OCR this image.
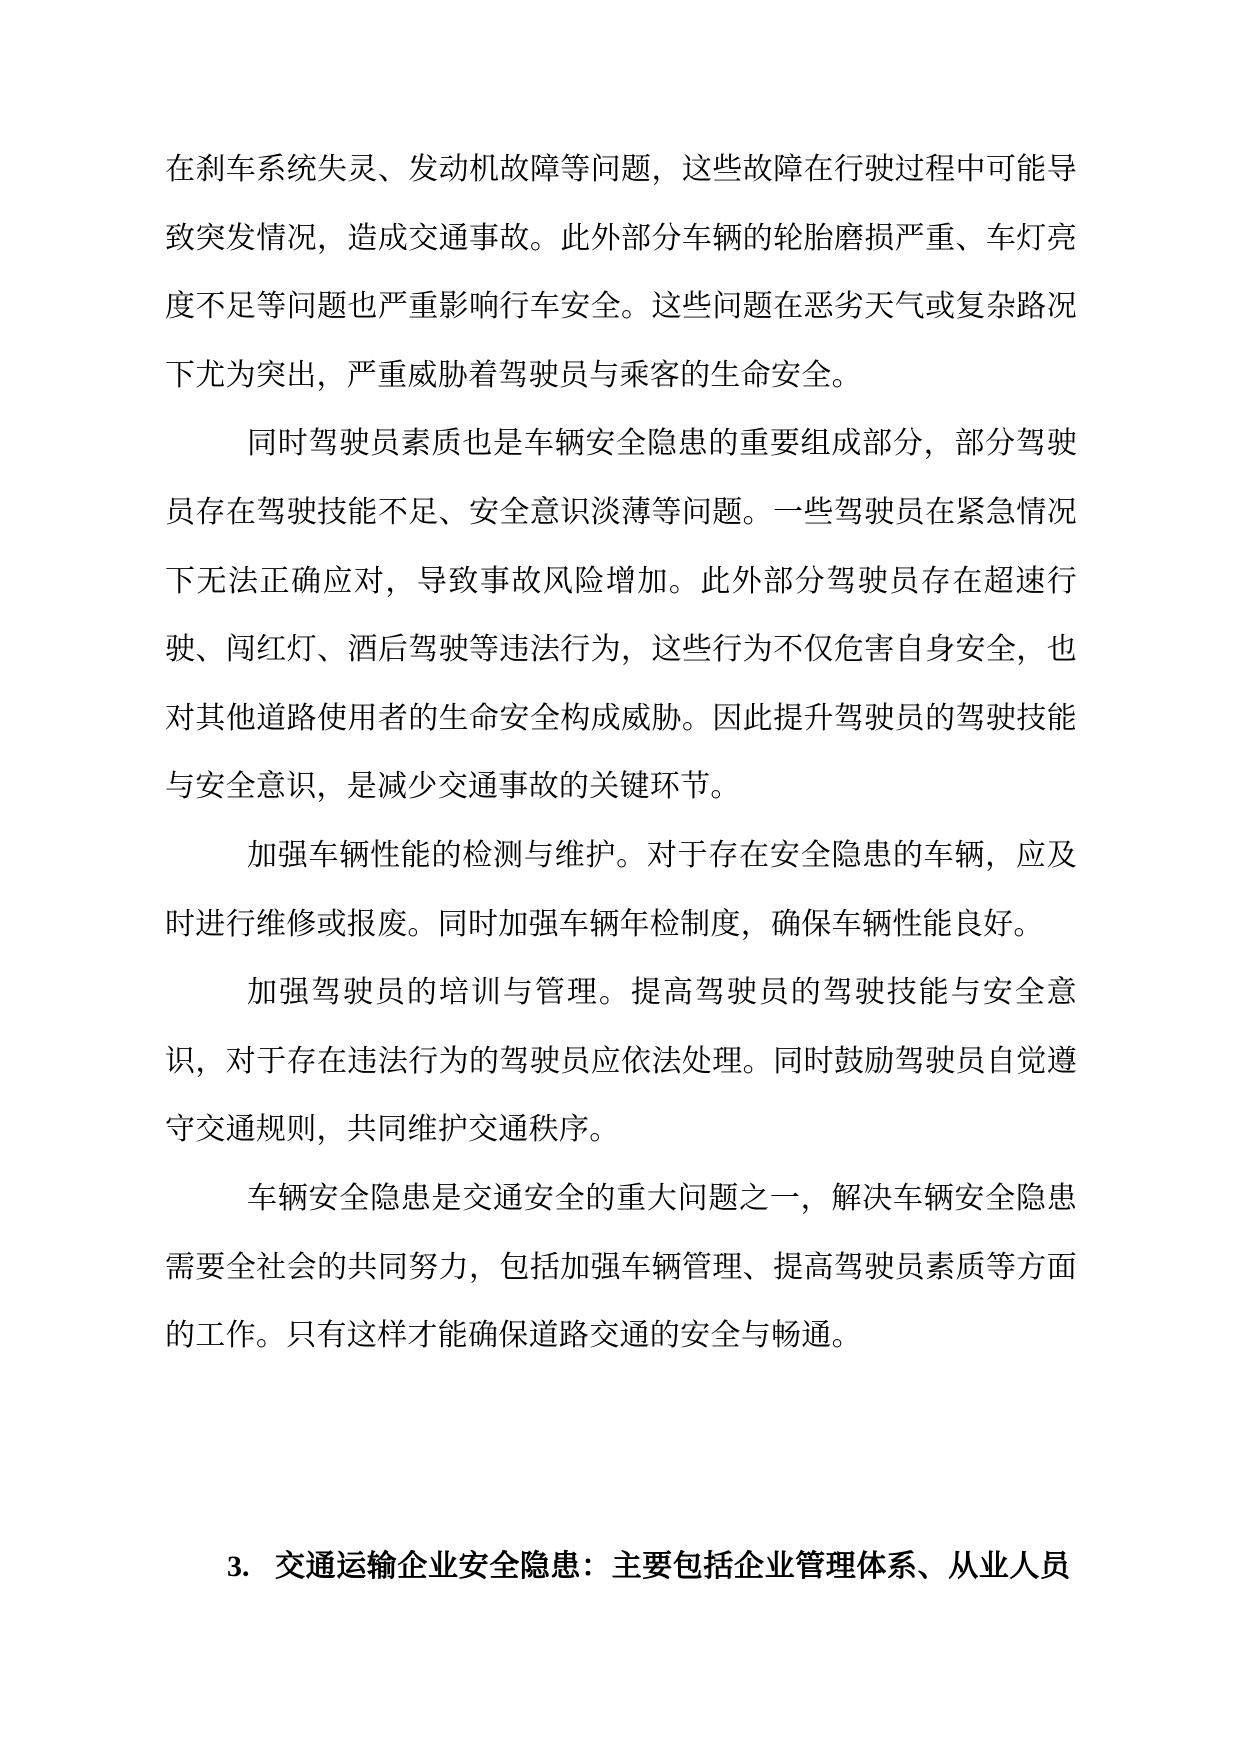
在刹车系统失灵、发动机故障等问题，这些故障在行驶过程中可能导致突发情况，造成交通事故。此外部分车辆的轮胎磨损严重、车灯亮度不足等问题也严重影响行车安全。这些问题在恶劣天气或复杂路况下尤为突出，严重威胁着驾驶员与乘客的生命安全。

同时驾驶员素质也是车辆安全隐患的重要组成部分，部分驾驶员存在驾驶技能不足、安全意识淡薄等问题。一些驾驶员在紧急情况下无法正确应对，导致事故风险增加。此外部分驾驶员存在超速行驶、闯红灯、酒后驾驶等违法行为，这些行为不仅危害自身安全，也对其他道路使用者的生命安全构成威胁。因此提升驾驶员的驾驶技能与安全意识，是减少交通事故的关键环节。

加强车辆性能的检测与维护。对于存在安全隐患的车辆，应及时进行维修或报废。同时加强车辆年检制度，确保车辆性能良好。

加强驾驶员的培训与管理。提高驾驶员的驾驶技能与安全意识，对于存在违法行为的驾驶员应依法处理。同时鼓励驾驶员自觉遵守交通规则，共同维护交通秩序。

车辆安全隐患是交通安全的重大问题之一，解决车辆安全隐患需要全社会的共同努力，包括加强车辆管理、提高驾驶员素质等方面的工作。只有这样才能确保道路交通的安全与畅通。

3. 交通运输企业安全隐患：主要包括企业管理体系、从业人员
